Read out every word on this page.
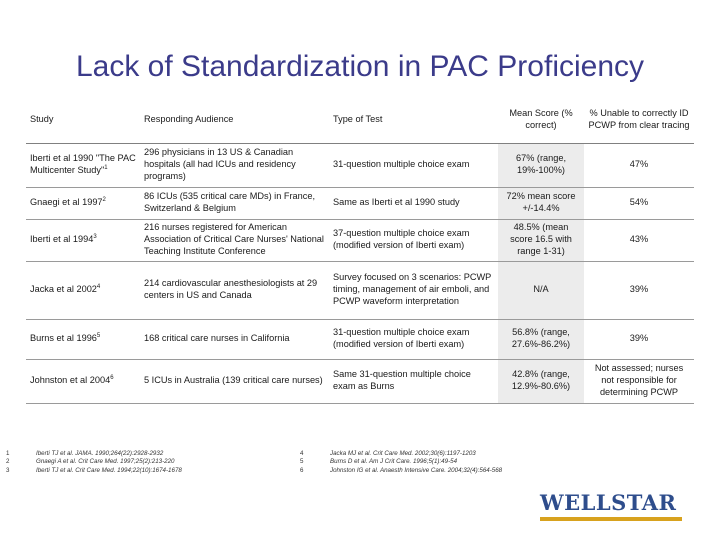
Lack of Standardization in PAC Proficiency
Study	Responding Audience	Type of Test	Mean Score (% correct)	% Unable to correctly ID PCWP from clear tracing
Iberti et al 1990 "The PAC Multicenter Study"$^1$	296 physicians in 13 US & Canadian hospitals (all had ICUs and residency programs)	31-question multiple choice exam	67% (range, 19%-100%)	47%
Gnaegi et al 1997$^2$	86 ICUs (535 critical care MDs) in France, Switzerland & Belgium	Same as Iberti et al 1990 study	72% mean score +/-14.4%	54%
Iberti et al 1994$^3$	216 nurses registered for American Association of Critical Care Nurses' National Teaching Institute Conference	37-question multiple choice exam (modified version of Iberti exam)	48.5% (mean score 16.5 with range 1-31)	43%
Jacka et al 2002$^4$	214 cardiovascular anesthesiologists at 29 centers in US and Canada	Survey focused on 3 scenarios: PCWP timing, management of air emboli, and PCWP waveform interpretation	N/A	39%
Burns et al 1996$^5$	168 critical care nurses in California	31-question multiple choice exam (modified version of Iberti exam)	56.8% (range, 27.6%-86.2%)	39%
Johnston et al 2004$^6$	5 ICUs in Australia (139 critical care nurses)	Same 31-question multiple choice exam as Burns	42.8% (range, 12.9%-80.6%)	Not assessed; nurses not responsible for determining PCWP
1	Iberti TJ et al. JAMA. 1990;264(22):2928-2932
2	Gnaegi A et al. Crit Care Med. 1997;25(2):213-220
3	Iberti TJ et al. Crit Care Med. 1994;22(10):1674-1678
4	Jacka MJ et al. Crit Care Med. 2002;30(6):1197-1203
5	Burns D et al. Am J Crit Care. 1996;5(1):49-54
6	Johnston IG et al. Anaesth Intensive Care. 2004;32(4):564-568
WELLSTAR
